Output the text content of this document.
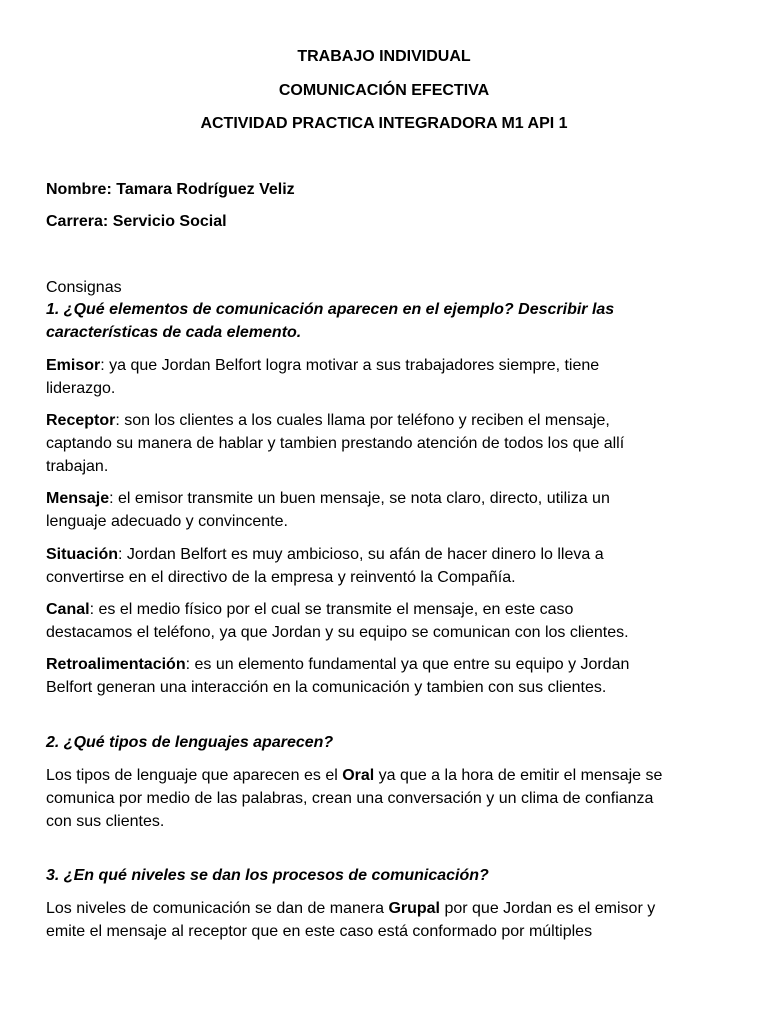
TRABAJO INDIVIDUAL
COMUNICACIÓN EFECTIVA
ACTIVIDAD PRACTICA INTEGRADORA M1 API 1
Nombre: Tamara Rodríguez Veliz
Carrera: Servicio Social
Consignas
1. ¿Qué elementos de comunicación aparecen en el ejemplo? Describir las
características de cada elemento.
Emisor: ya que Jordan Belfort logra motivar a sus trabajadores siempre, tiene
liderazgo.
Receptor: son los clientes a los cuales llama por teléfono y reciben el mensaje,
captando su manera de hablar y tambien prestando atención de todos los que allí
trabajan.
Mensaje: el emisor transmite un buen mensaje, se nota claro, directo, utiliza un
lenguaje adecuado y convincente.
Situación: Jordan Belfort es muy ambicioso, su afán de hacer dinero lo lleva a
convertirse en el directivo de la empresa y reinventó la Compañía.
Canal: es el medio físico por el cual se transmite el mensaje, en este caso
destacamos el teléfono, ya que Jordan y su equipo se comunican con los clientes.
Retroalimentación: es un elemento fundamental ya que entre su equipo y Jordan
Belfort generan una interacción en la comunicación y tambien con sus clientes.
2. ¿Qué tipos de lenguajes aparecen?
Los tipos de lenguaje que aparecen es el Oral ya que a la hora de emitir el mensaje se
comunica por medio de las palabras, crean una conversación y un clima de confianza
con sus clientes.
3. ¿En qué niveles se dan los procesos de comunicación?
Los niveles de comunicación se dan de manera Grupal por que Jordan es el emisor y
emite el mensaje al receptor que en este caso está conformado por múltiples
